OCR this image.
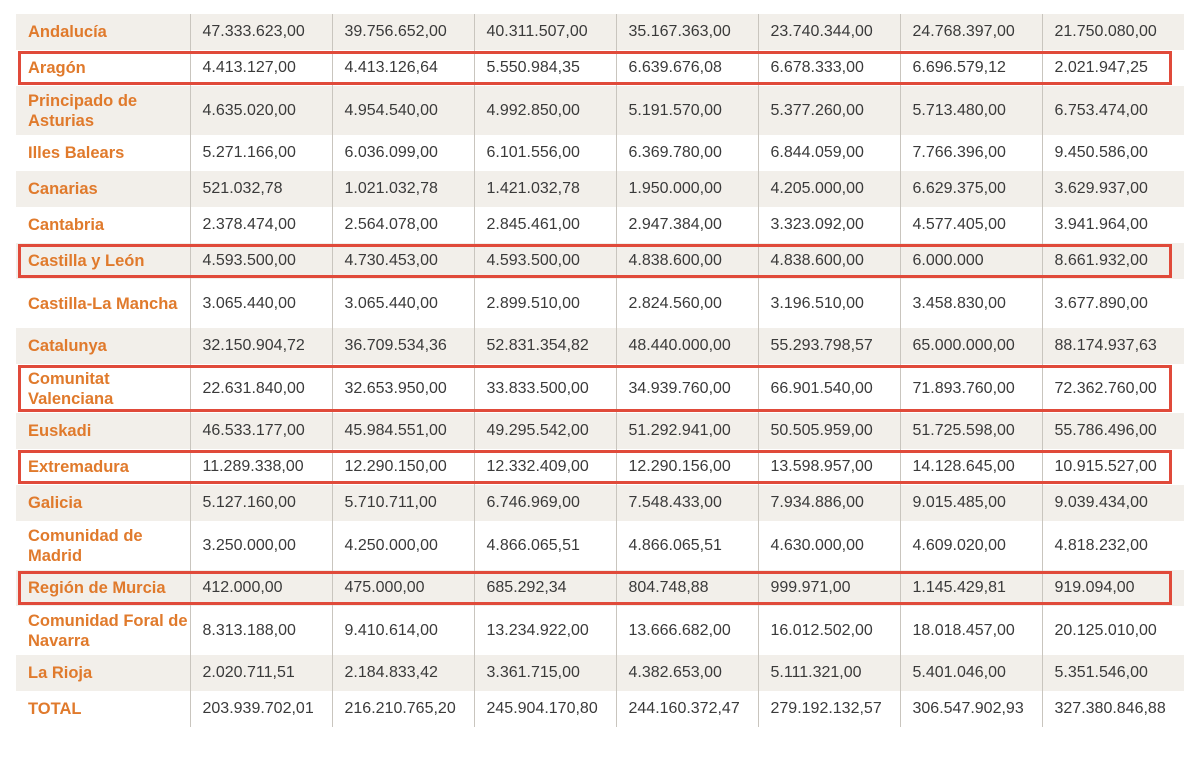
Andalucía	47.333.623,00	39.756.652,00	40.311.507,00	35.167.363,00	23.740.344,00	24.768.397,00	21.750.080,00
Aragón	4.413.127,00	4.413.126,64	5.550.984,35	6.639.676,08	6.678.333,00	6.696.579,12	2.021.947,25
Principado de Asturias	4.635.020,00	4.954.540,00	4.992.850,00	5.191.570,00	5.377.260,00	5.713.480,00	6.753.474,00
Illes Balears	5.271.166,00	6.036.099,00	6.101.556,00	6.369.780,00	6.844.059,00	7.766.396,00	9.450.586,00
Canarias	521.032,78	1.021.032,78	1.421.032,78	1.950.000,00	4.205.000,00	6.629.375,00	3.629.937,00
Cantabria	2.378.474,00	2.564.078,00	2.845.461,00	2.947.384,00	3.323.092,00	4.577.405,00	3.941.964,00
Castilla y León	4.593.500,00	4.730.453,00	4.593.500,00	4.838.600,00	4.838.600,00	6.000.000	8.661.932,00
Castilla-La Mancha	3.065.440,00	3.065.440,00	2.899.510,00	2.824.560,00	3.196.510,00	3.458.830,00	3.677.890,00
Catalunya	32.150.904,72	36.709.534,36	52.831.354,82	48.440.000,00	55.293.798,57	65.000.000,00	88.174.937,63
Comunitat Valenciana	22.631.840,00	32.653.950,00	33.833.500,00	34.939.760,00	66.901.540,00	71.893.760,00	72.362.760,00
Euskadi	46.533.177,00	45.984.551,00	49.295.542,00	51.292.941,00	50.505.959,00	51.725.598,00	55.786.496,00
Extremadura	11.289.338,00	12.290.150,00	12.332.409,00	12.290.156,00	13.598.957,00	14.128.645,00	10.915.527,00
Galicia	5.127.160,00	5.710.711,00	6.746.969,00	7.548.433,00	7.934.886,00	9.015.485,00	9.039.434,00
Comunidad de Madrid	3.250.000,00	4.250.000,00	4.866.065,51	4.866.065,51	4.630.000,00	4.609.020,00	4.818.232,00
Región de Murcia	412.000,00	475.000,00	685.292,34	804.748,88	999.971,00	1.145.429,81	919.094,00
Comunidad Foral de Navarra	8.313.188,00	9.410.614,00	13.234.922,00	13.666.682,00	16.012.502,00	18.018.457,00	20.125.010,00
La Rioja	2.020.711,51	2.184.833,42	3.361.715,00	4.382.653,00	5.111.321,00	5.401.046,00	5.351.546,00
TOTAL	203.939.702,01	216.210.765,20	245.904.170,80	244.160.372,47	279.192.132,57	306.547.902,93	327.380.846,88
